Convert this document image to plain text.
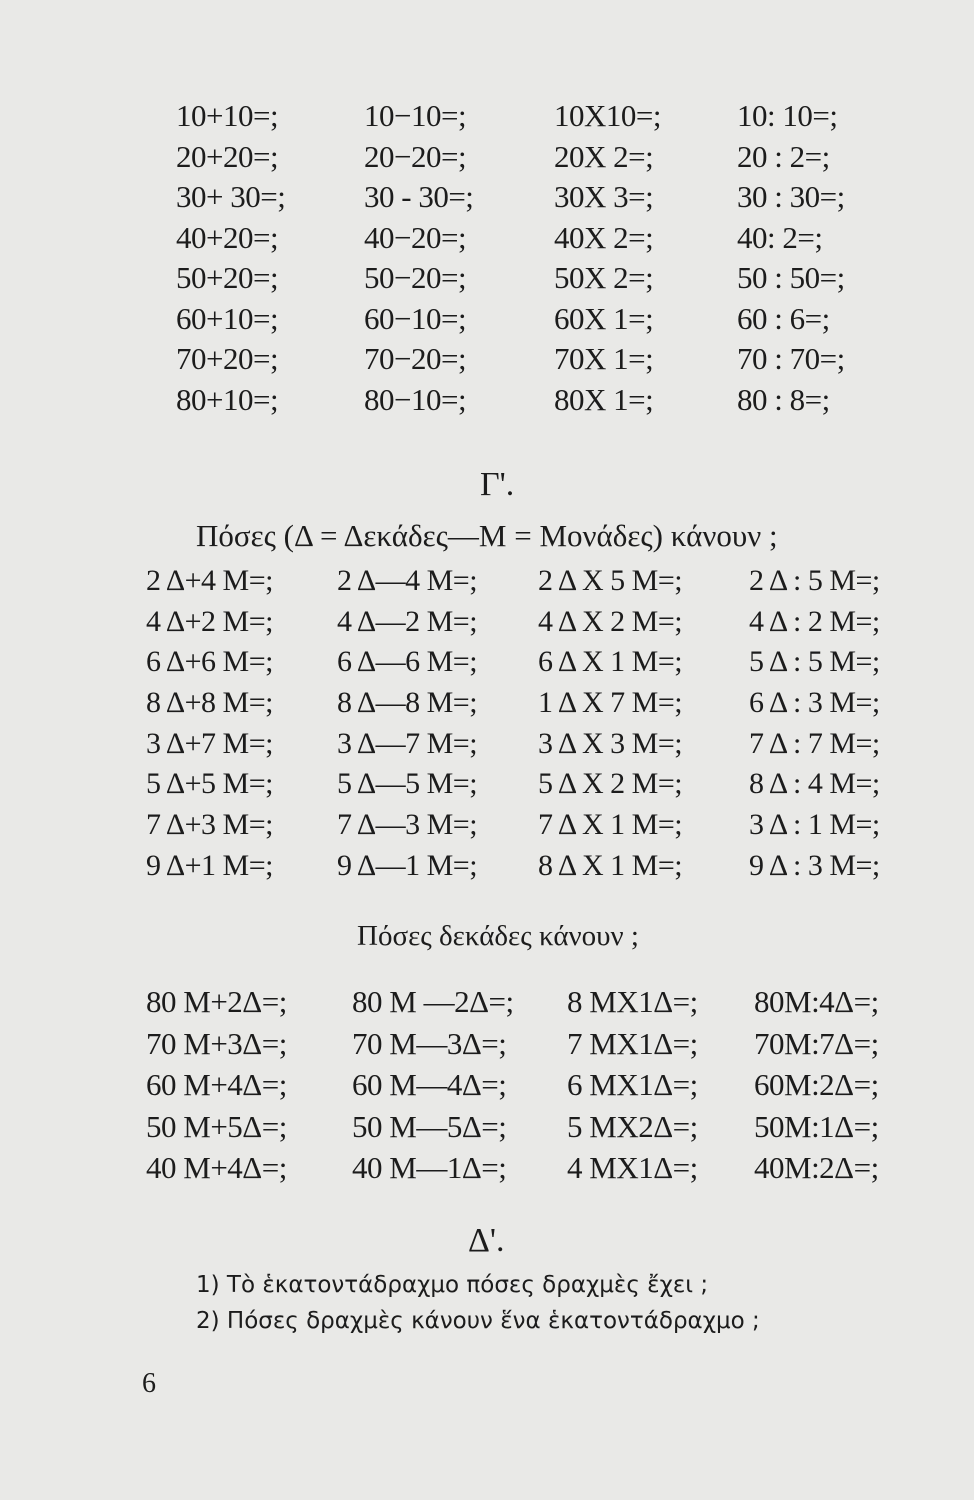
10+10=;	10−10=;	10Χ10=; 10: 10=;
20+20=;	20−20=;	20Χ 2=;	20 : 2=;
30+ 30=;	30 - 30=;	30Χ 3=;	30 : 30=;
40+20=;	40−20=;	40Χ 2=;	40: 2=;
50+20=;	50−20=;	50Χ 2=;	50 : 50=;
60+10=;	60−10=;	60Χ 1=;	60 : 6=;
70+20=;	70−20=;	70Χ 1=;	70 : 70=;
80+10=;	80−10=;	80Χ 1=;	80 : 8=;
Γ'.
Πόσες (Δ = Δεκάδες—Μ = Μονάδες) κάνουν ;
2 Δ+4 Μ=; 2 Δ—4 Μ=; 2 Δ Χ 5 Μ=; 2 Δ : 5 Μ=;
4 Δ+2 Μ=; 4 Δ—2 Μ=; 4 Δ Χ 2 Μ=; 4 Δ : 2 Μ=;
6 Δ+6 Μ=; 6 Δ—6 Μ=; 6 Δ Χ 1 Μ=; 5 Δ : 5 Μ=;
8 Δ+8 Μ=; 8 Δ—8 Μ=; 1 Δ Χ 7 Μ=; 6 Δ : 3 Μ=;
3 Δ+7 Μ=; 3 Δ—7 Μ=; 3 Δ Χ 3 Μ=; 7 Δ : 7 Μ=;
5 Δ+5 Μ=; 5 Δ—5 Μ=; 5 Δ Χ 2 Μ=; 8 Δ : 4 Μ=;
7 Δ+3 Μ=; 7 Δ—3 Μ=; 7 Δ Χ 1 Μ=; 3 Δ : 1 Μ=;
9 Δ+1 Μ=; 9 Δ—1 Μ=; 8 Δ Χ 1 Μ=; 9 Δ : 3 Μ=;
Πόσες δεκάδες κάνουν ;
80 Μ+2Δ=; 80 Μ —2Δ=; 8 ΜΧ1Δ=; 80Μ:4Δ=;
70 Μ+3Δ=; 70 Μ—3Δ=; 7 ΜΧ1Δ=; 70Μ:7Δ=;
60 Μ+4Δ=; 60 Μ—4Δ=; 6 ΜΧ1Δ=; 60Μ:2Δ=;
50 Μ+5Δ=; 50 Μ—5Δ=; 5 ΜΧ2Δ=; 50Μ:1Δ=;
40 Μ+4Δ=; 40 Μ—1Δ=; 4 ΜΧ1Δ=; 40Μ:2Δ=;
Δ'.
1) Τὸ ἑκατοντάδραχμο πόσες δραχμὲς ἔχει ;
2) Πόσες δραχμὲς κάνουν ἕνα ἑκατοντάδραχμο ;
6
